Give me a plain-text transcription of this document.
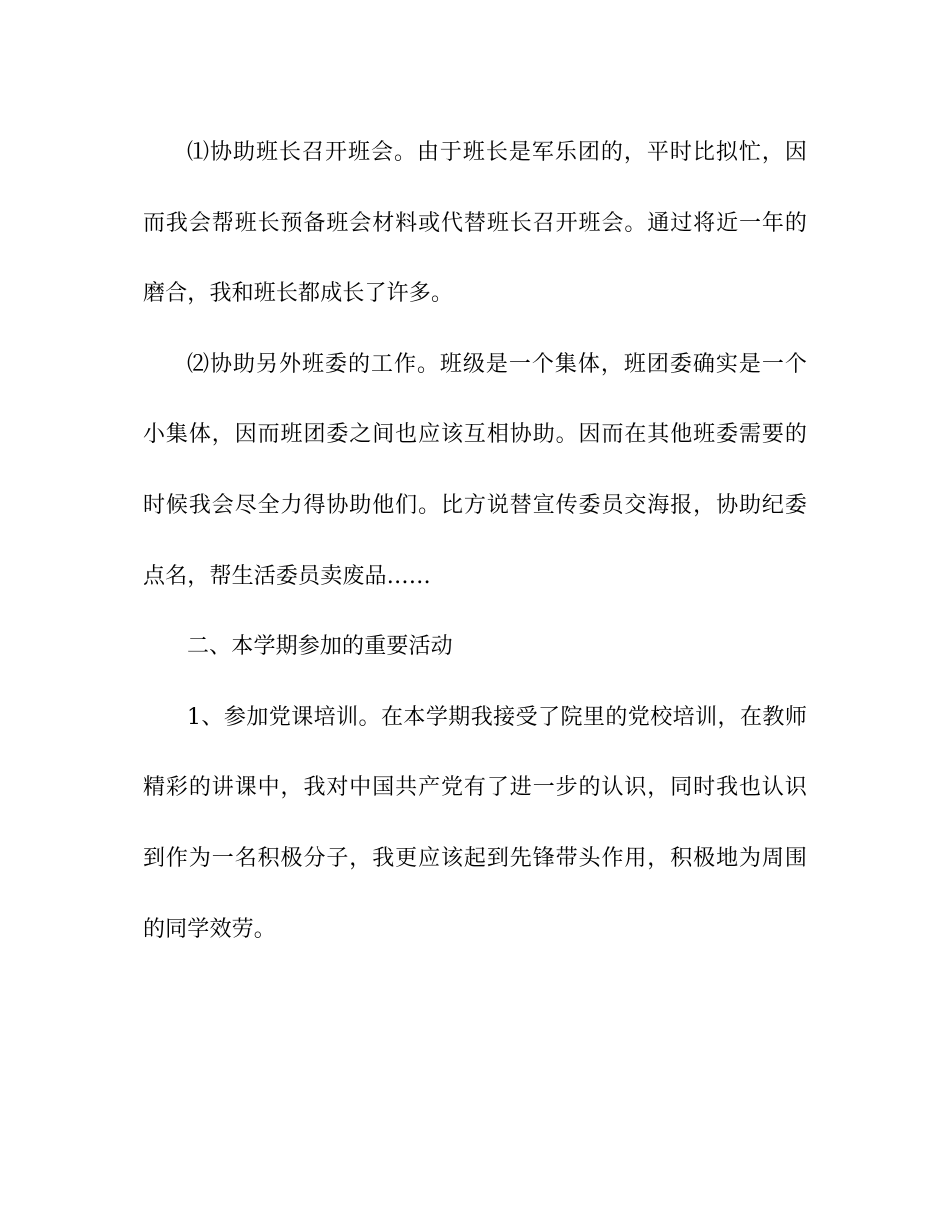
⑴协助班长召开班会。由于班长是军乐团的，平时比拟忙，因而我会帮班长预备班会材料或代替班长召开班会。通过将近一年的磨合，我和班长都成长了许多。

⑵协助另外班委的工作。班级是一个集体，班团委确实是一个小集体，因而班团委之间也应该互相协助。因而在其他班委需要的时候我会尽全力得协助他们。比方说替宣传委员交海报，协助纪委点名，帮生活委员卖废品……

二、本学期参加的重要活动

1、参加党课培训。在本学期我接受了院里的党校培训，在教师精彩的讲课中，我对中国共产党有了进一步的认识，同时我也认识到作为一名积极分子，我更应该起到先锋带头作用，积极地为周围的同学效劳。
